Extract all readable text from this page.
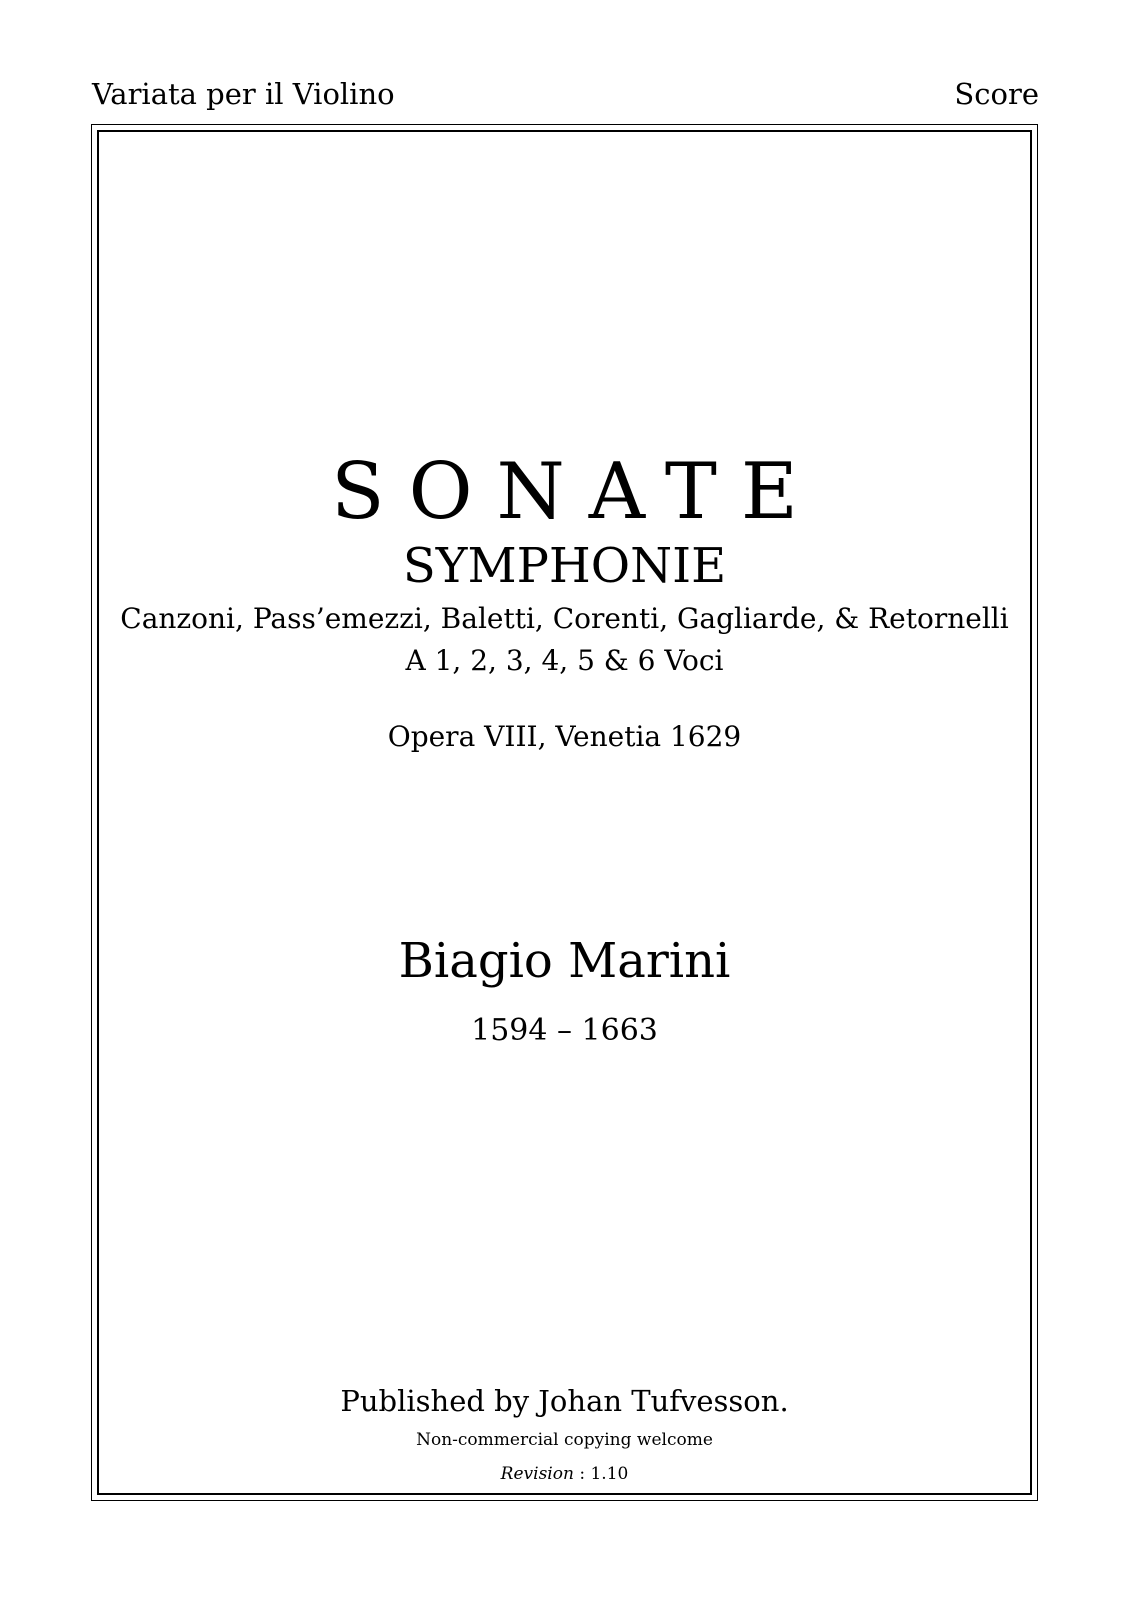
Variata per il Violino	Score
SONATE
SYMPHONIE
Canzoni, Pass’emezzi, Baletti, Corenti, Gagliarde, & Retornelli
A 1, 2, 3, 4, 5 & 6 Voci
Opera VIII, Venetia 1629
Biagio Marini
1594 – 1663
Published by Johan Tufvesson.
Non-commercial copying welcome
Revision : 1.10
